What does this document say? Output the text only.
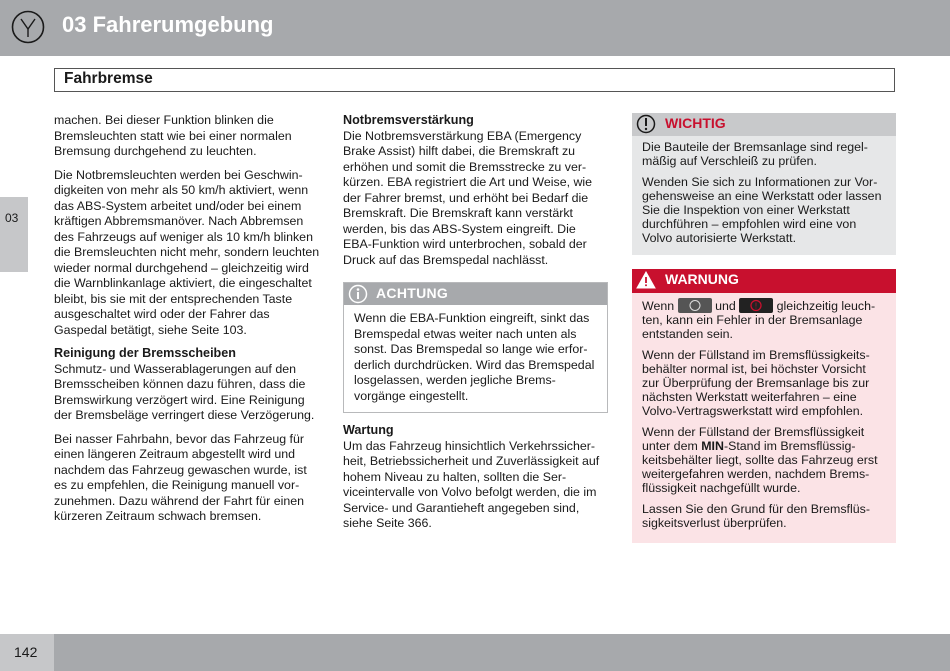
03 Fahrerumgebung
Fahrbremse
03

machen. Bei dieser Funktion blinken die Bremsleuchten statt wie bei einer normalen Bremsung durchgehend zu leuchten.

Die Notbremsleuchten werden bei Geschwindigkeiten von mehr als 50 km/h aktiviert, wenn das ABS-System arbeitet und/oder bei einem kräftigen Abbremsmanöver. Nach Abbremsen des Fahrzeugs auf weniger als 10 km/h blinken die Bremsleuchten nicht mehr, sondern leuchten wieder normal durchgehend – gleichzeitig wird die Warnblinkanlage aktiviert, die eingeschaltet bleibt, bis sie mit der entsprechenden Taste ausgeschaltet wird oder der Fahrer das Gaspedal betätigt, siehe Seite 103.

Reinigung der Bremsscheiben

Schmutz- und Wasserablagerungen auf den Bremsscheiben können dazu führen, dass die Bremswirkung verzögert wird. Eine Reinigung der Bremsbeläge verringert diese Verzögerung.

Bei nasser Fahrbahn, bevor das Fahrzeug für einen längeren Zeitraum abgestellt wird und nachdem das Fahrzeug gewaschen wurde, ist es zu empfehlen, die Reinigung manuell vorzunehmen. Dazu während der Fahrt für einen kürzeren Zeitraum schwach bremsen.

Notbremsverstärkung

Die Notbremsverstärkung EBA (Emergency Brake Assist) hilft dabei, die Bremskraft zu erhöhen und somit die Bremsstrecke zu verkürzen. EBA registriert die Art und Weise, wie der Fahrer bremst, und erhöht bei Bedarf die Bremskraft. Die Bremskraft kann verstärkt werden, bis das ABS-System eingreift. Die EBA-Funktion wird unterbrochen, sobald der Druck auf das Bremspedal nachlässt.

ACHTUNG
Wenn die EBA-Funktion eingreift, sinkt das Bremspedal etwas weiter nach unten als sonst. Das Bremspedal so lange wie erforderlich durchdrücken. Wird das Bremspedal losgelassen, werden jegliche Bremsvorgänge eingestellt.
Wartung

Um das Fahrzeug hinsichtlich Verkehrssicherheit, Betriebssicherheit und Zuverlässigkeit auf hohem Niveau zu halten, sollten die Serviceintervalle von Volvo befolgt werden, die im Service- und Garantieheft angegeben sind, siehe Seite 366.

WICHTIG

Die Bauteile der Bremsanlage sind regelmäßig auf Verschleiß zu prüfen.

Wenden Sie sich zu Informationen zur Vorgehensweise an eine Werkstatt oder lassen Sie die Inspektion von einer Werkstatt durchführen – empfohlen wird eine von Volvo autorisierte Werkstatt.

WARNUNG

Wenn	und ! gleichzeitig leuchten, kann ein Fehler in der Bremsanlage entstanden sein.

Wenn der Füllstand im Bremsflüssigkeitsbehälter normal ist, bei höchster Vorsicht zur Überprüfung der Bremsanlage bis zur nächsten Werkstatt weiterfahren – eine Volvo-Vertragswerkstatt wird empfohlen.

Wenn der Füllstand der Bremsflüssigkeit unter dem MIN-Stand im Bremsflüssigkeitsbehälter liegt, sollte das Fahrzeug erst weitergefahren werden, nachdem Bremsflüssigkeit nachgefüllt wurde.

Lassen Sie den Grund für den Bremsflüssigkeitsverlust überprüfen.

142
